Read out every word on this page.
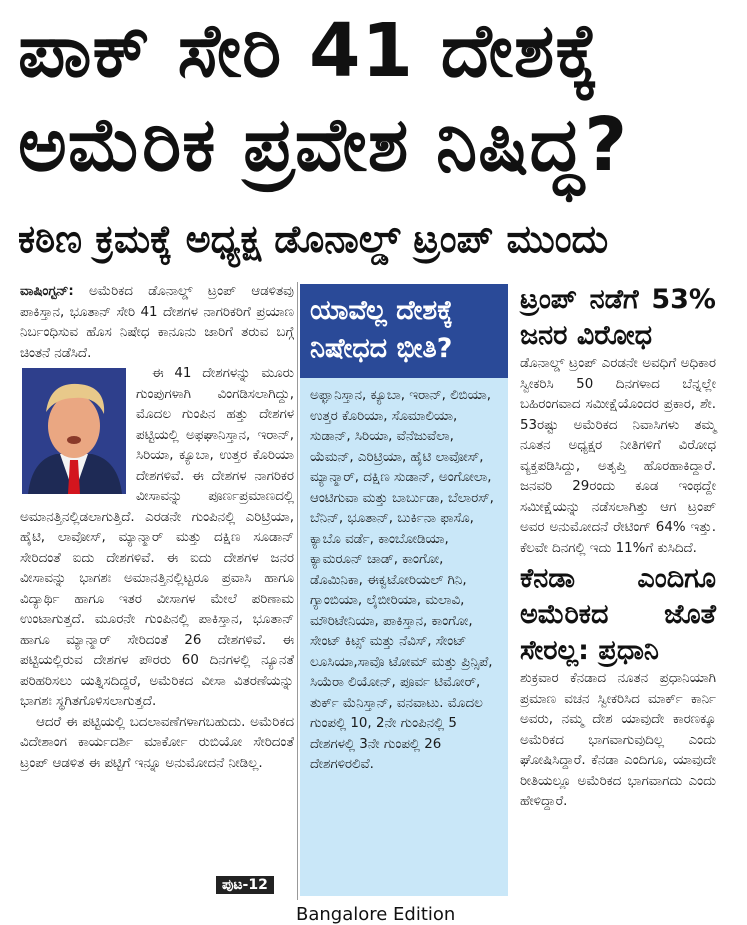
ಪಾಕ್ ಸೇರಿ 41 ದೇಶಕ್ಕೆ
ಅಮೆರಿಕ ಪ್ರವೇಶ ನಿಷಿದ್ಧ?
ಕಠಿಣ ಕ್ರಮಕ್ಕೆ ಅಧ್ಯಕ್ಷ ಡೊನಾಲ್ಡ್ ಟ್ರಂಪ್ ಮುಂದು

ವಾಷಿಂಗ್ಟನ್: ಅಮೆರಿಕದ ಡೊನಾಲ್ಡ್ ಟ್ರಂಪ್ ಆಡಳಿತವು ಪಾಕಿಸ್ತಾನ, ಭೂತಾನ್ ಸೇರಿ 41 ದೇಶಗಳ ನಾಗರಿಕರಿಗೆ ಪ್ರಯಾಣ ನಿರ್ಬಂಧಿಸುವ ಹೊಸ ನಿಷೇಧ ಕಾನೂನು ಜಾರಿಗೆ ತರುವ ಬಗ್ಗೆ ಚಿಂತನೆ ನಡೆಸಿದೆ.

ಈ 41 ದೇಶಗಳನ್ನು ಮೂರು ಗುಂಪುಗಳಾಗಿ ವಿಂಗಡಿಸಲಾಗಿದ್ದು, ಮೊದಲ ಗುಂಪಿನ ಹತ್ತು ದೇಶಗಳ ಪಟ್ಟಿಯಲ್ಲಿ ಅಫಘಾನಿಸ್ತಾನ, ಇರಾನ್, ಸಿರಿಯಾ, ಕ್ಯೂಬಾ, ಉತ್ತರ ಕೊರಿಯಾ ದೇಶಗಳಿವೆ. ಈ ದೇಶಗಳ ನಾಗರಿಕರ ವೀಸಾವನ್ನು ಪೂರ್ಣಪ್ರಮಾಣದಲ್ಲಿ ಅಮಾನತ್ತಿನಲ್ಲಿಡಲಾಗುತ್ತಿದೆ. ಎರಡನೇ ಗುಂಪಿನಲ್ಲಿ ಎರಿಟ್ರಿಯಾ, ಹೈಟಿ, ಲಾವೋಸ್, ಮ್ಯಾನ್ಮಾರ್ ಮತ್ತು ದಕ್ಷಿಣ ಸೂಡಾನ್ ಸೇರಿದಂತೆ ಐದು ದೇಶಗಳಿವೆ. ಈ ಐದು ದೇಶಗಳ ಜನರ ವೀಸಾವನ್ನು ಭಾಗಶಃ ಅಮಾನತ್ತಿನಲ್ಲಿಟ್ಟರೂ ಪ್ರವಾಸಿ ಹಾಗೂ ವಿದ್ಯಾರ್ಥಿ ಹಾಗೂ ಇತರ ವೀಸಾಗಳ ಮೇಲೆ ಪರಿಣಾಮ ಉಂಟಾಗುತ್ತದೆ. ಮೂರನೇ ಗುಂಪಿನಲ್ಲಿ ಪಾಕಿಸ್ತಾನ, ಭೂತಾನ್ ಹಾಗೂ ಮ್ಯಾನ್ಮಾರ್ ಸೇರಿದಂತೆ 26 ದೇಶಗಳಿವೆ. ಈ ಪಟ್ಟಿಯಲ್ಲಿರುವ ದೇಶಗಳ ಪೌರರು 60 ದಿನಗಳಲ್ಲಿ ನ್ಯೂನತೆ ಪರಿಹರಿಸಲು ಯತ್ನಿಸದಿದ್ದರೆ, ಅಮೆರಿಕದ ವೀಸಾ ವಿತರಣೆಯನ್ನು ಭಾಗಶಃ ಸ್ಥಗಿತಗೊಳಿಸಲಾಗುತ್ತದೆ.

ಆದರೆ ಈ ಪಟ್ಟಿಯಲ್ಲಿ ಬದಲಾವಣೆಗಳಾಗಬಹುದು. ಅಮೆರಿಕದ ವಿದೇಶಾಂಗ ಕಾರ್ಯದರ್ಶಿ ಮಾರ್ಕೋ ರುಬಿಯೋ ಸೇರಿದಂತೆ ಟ್ರಂಪ್ ಆಡಳಿತ ಈ ಪಟ್ಟಿಗೆ ಇನ್ನೂ ಅನುಮೋದನೆ ನೀಡಿಲ್ಲ.

ಪುಟ-12
ಯಾವೆಲ್ಲ ದೇಶಕ್ಕೆ ನಿಷೇಧದ ಭೀತಿ?
ಅಫ್ಘಾನಿಸ್ತಾನ, ಕ್ಯೂಬಾ, ಇರಾನ್, ಲಿಬಿಯಾ, ಉತ್ತರ ಕೊರಿಯಾ, ಸೊಮಾಲಿಯಾ, ಸುಡಾನ್, ಸಿರಿಯಾ, ವೆನೆಜುವೆಲಾ, ಯೆಮನ್, ಎರಿಟ್ರಿಯಾ, ಹೈಟಿ ಲಾವೋಸ್, ಮ್ಯಾನ್ಮಾರ್, ದಕ್ಷಿಣ ಸುಡಾನ್, ಅಂಗೋಲಾ, ಆಂಟಿಗುವಾ ಮತ್ತು ಬಾರ್ಬುಡಾ, ಬೆಲಾರಸ್, ಬೆನಿನ್, ಭೂತಾನ್, ಬುರ್ಕಿನಾ ಫಾಸೊ, ಕ್ಯಾಬೊ ವರ್ಡೆ, ಕಾಂಬೋಡಿಯಾ, ಕ್ಯಾಮರೂನ್ ಚಾಡ್, ಕಾಂಗೋ, ಡೊಮಿನಿಕಾ, ಈಕ್ವಟೋರಿಯಲ್ ಗಿನಿ, ಗ್ಯಾಂಬಿಯಾ, ಲೈಬೀರಿಯಾ, ಮಲಾವಿ, ಮೌರಿಟೇನಿಯಾ, ಪಾಕಿಸ್ತಾನ, ಕಾಂಗೋ, ಸೇಂಟ್ ಕಿಟ್ಸ್ ಮತ್ತು ನೆವಿಸ್, ಸೇಂಟ್ ಲೂಸಿಯಾ,ಸಾವೊ ಟೋಮ್ ಮತ್ತು ಪ್ರಿನ್ಸಿಪೆ, ಸಿಯೆರಾ ಲಿಯೋನ್, ಪೂರ್ವ ಟಿಮೋರ್, ತುರ್ಕ್ ಮೆನಿಸ್ತಾನ್, ವನವಾಟು. ಮೊದಲ ಗುಂಪಲ್ಲಿ 10, 2ನೇ ಗುಂಪಿನಲ್ಲಿ 5 ದೇಶಗಳಲ್ಲಿ 3ನೇ ಗುಂಪಲ್ಲಿ 26 ದೇಶಗಳಿರಲಿವೆ.
ಟ್ರಂಪ್ ನಡೆಗೆ 53% ಜನರ ವಿರೋಧ

ಡೊನಾಲ್ಡ್ ಟ್ರಂಪ್ ಎರಡನೇ ಅವಧಿಗೆ ಅಧಿಕಾರ ಸ್ವೀಕರಿಸಿ 50 ದಿನಗಳಾದ ಬೆನ್ನಲ್ಲೇ ಬಹಿರಂಗವಾದ ಸಮೀಕ್ಷೆಯೊಂದರ ಪ್ರಕಾರ, ಶೇ. 53ರಷ್ಟು ಅಮೆರಿಕದ ನಿವಾಸಿಗಳು ತಮ್ಮ ನೂತನ ಅಧ್ಯಕ್ಷರ ನೀತಿಗಳಿಗೆ ವಿರೋಧ ವ್ಯಕ್ತಪಡಿಸಿದ್ದು, ಅತೃಪ್ತಿ ಹೊರಹಾಕಿದ್ದಾರೆ. ಜನವರಿ 29ರಂದು ಕೂಡ ಇಂಥದ್ದೇ ಸಮೀಕ್ಷೆಯನ್ನು ನಡೆಸಲಾಗಿತ್ತು ಆಗ ಟ್ರಂಪ್ ಅವರ ಅನುಮೋದನೆ ರೇಟಿಂಗ್ 64% ಇತ್ತು. ಕೆಲವೇ ದಿನಗಲ್ಲಿ ಇದು 11%ಗೆ ಕುಸಿದಿದೆ.

ಕೆನಡಾ ಎಂದಿಗೂ ಅಮೆರಿಕದ ಜೊತೆ ಸೇರಲ್ಲ: ಪ್ರಧಾನಿ

ಶುಕ್ರವಾರ ಕೆನಡಾದ ನೂತನ ಪ್ರಧಾನಿಯಾಗಿ ಪ್ರಮಾಣ ವಚನ ಸ್ವೀಕರಿಸಿದ ಮಾರ್ಕ್ ಕಾರ್ನಿ ಅವರು, ನಮ್ಮ ದೇಶ ಯಾವುದೇ ಕಾರಣಕ್ಕೂ ಅಮೆರಿಕದ ಭಾಗವಾಗುವುದಿಲ್ಲ ಎಂದು ಘೋಷಿಸಿದ್ದಾರೆ. ಕೆನಡಾ ಎಂದಿಗೂ, ಯಾವುದೇ ರೀತಿಯಲ್ಲೂ ಅಮೆರಿಕದ ಭಾಗವಾಗದು ಎಂದು ಹೇಳಿದ್ದಾರೆ.

Bangalore Edition
